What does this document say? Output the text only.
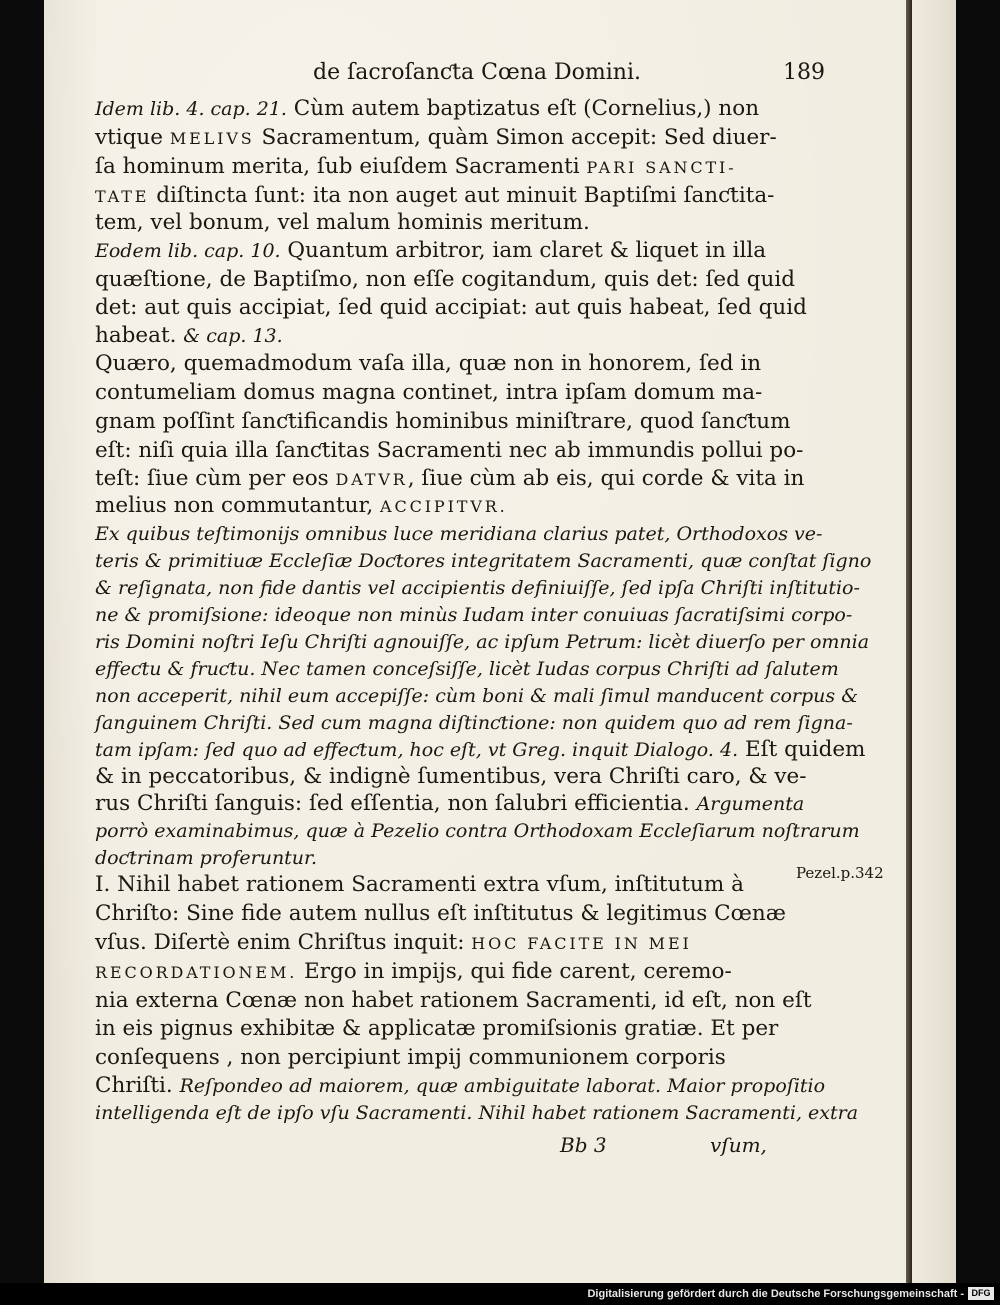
de ſacroſanƈta Cœna Domini.	189
Idem lib. 4. cap. 21. Cùm autem baptizatus eſt (Cornelius,) non
vtique MELIVS Sacramentum, quàm Simon accepit: Sed diuer-
ſa hominum merita, ſub eiuſdem Sacramenti PARI SANCTI-
TATE diſtincta ſunt: ita non auget aut minuit Baptiſmi ſanƈtita-
tem, vel bonum, vel malum hominis meritum.
Eodem lib. cap. 10. Quantum arbitror, iam claret & liquet in illa
quæſtione, de Baptiſmo, non eſſe cogitandum, quis det: ſed quid
det: aut quis accipiat, ſed quid accipiat: aut quis habeat, ſed quid
habeat. & cap. 13.
Quæro, quemadmodum vaſa illa, quæ non in honorem, ſed in
contumeliam domus magna continet, intra ipſam domum ma-
gnam poſſint ſanƈtificandis hominibus miniſtrare, quod ſanƈtum
eſt: niſi quia illa ſanƈtitas Sacramenti nec ab immundis pollui po-
teſt: ſiue cùm per eos DATVR, ſiue cùm ab eis, qui corde & vita in
melius non commutantur, ACCIPITVR.
Ex quibus teſtimonijs omnibus luce meridiana clarius patet, Orthodoxos ve-
teris & primitiuæ Eccleſiæ Doƈtores integritatem Sacramenti, quæ conſtat ſigno
& reſignata, non fide dantis vel accipientis definiuiſſe, ſed ipſa Chriſti inſtitutio-
ne & promiſsione: ideoque non minùs Iudam inter conuiuas ſacratiſsimi corpo-
ris Domini noſtri Ieſu Chriſti agnouiſſe, ac ipſum Petrum: licèt diuerſo per omnia
effeƈtu & fruƈtu. Nec tamen conceſsiſſe, licèt Iudas corpus Chriſti ad ſalutem
non acceperit, nihil eum accepiſſe: cùm boni & mali ſimul manducent corpus &
ſanguinem Chriſti. Sed cum magna diſtinƈtione: non quidem quo ad rem ſigna-
tam ipſam: ſed quo ad effeƈtum, hoc eſt, vt Greg. inquit Dialogo. 4. Eſt quidem
& in peccatoribus, & indignè ſumentibus, vera Chriſti caro, & ve-
rus Chriſti ſanguis: ſed eſſentia, non ſalubri efficientia. Argumenta
porrò examinabimus, quæ à Pezelio contra Orthodoxam Eccleſiarum noſtrarum
doƈtrinam proferuntur.
I. Nihil habet rationem Sacramenti extra vſum, inſtitutum à
Chriſto: Sine fide autem nullus eſt inſtitutus & legitimus Cœnæ
vſus. Diſertè enim Chriſtus inquit: HOC FACITE IN MEI
RECORDATIONEM. Ergo in impijs, qui fide carent, ceremo-
nia externa Cœnæ non habet rationem Sacramenti, id eſt, non eſt
in eis pignus exhibitæ & applicatæ promiſsionis gratiæ. Et per
conſequens , non percipiunt impij communionem corporis
Chriſti. Reſpondeo ad maiorem, quæ ambiguitate laborat. Maior propoſitio
intelligenda eſt de ipſo vſu Sacramenti. Nihil habet rationem Sacramenti, extra
Bb 3	vſum,
Pezel.p.342
Digitalisierung gefördert durch die Deutsche Forschungsgemeinschaft - DFG
